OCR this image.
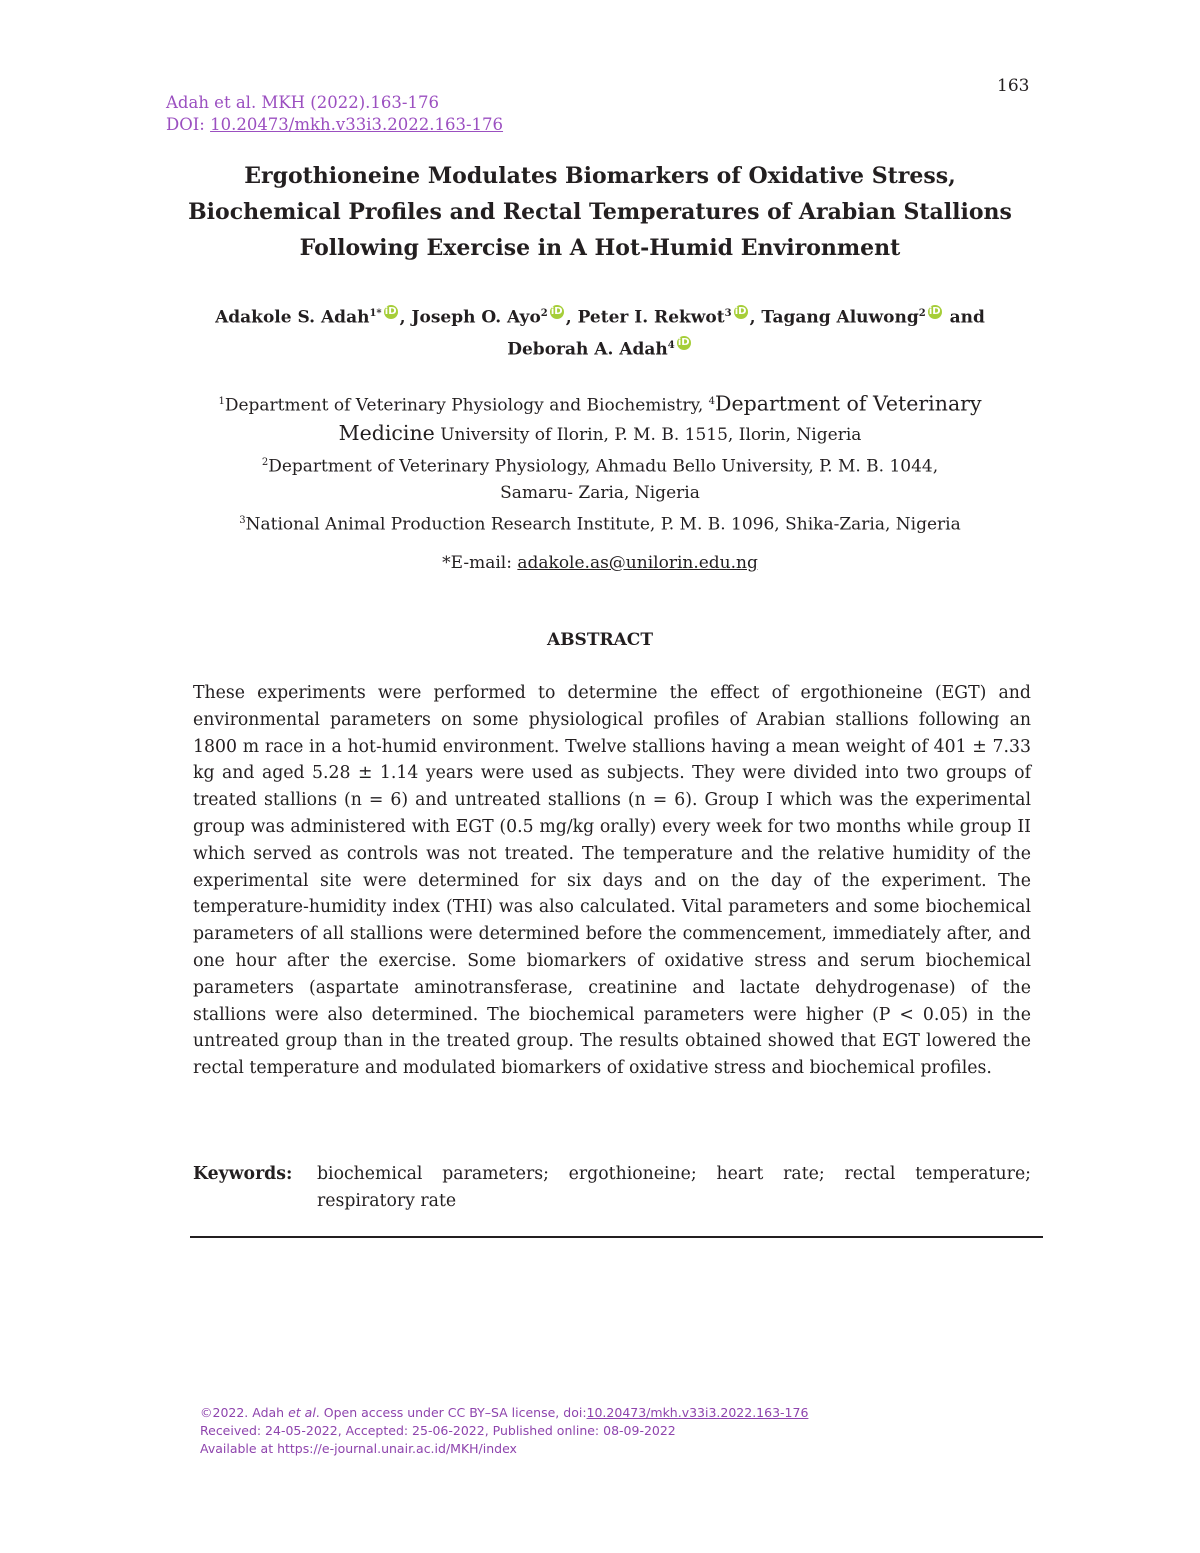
Adah et al. MKH (2022).163-176
DOI: 10.20473/mkh.v33i3.2022.163-176
163
Ergothioneine Modulates Biomarkers of Oxidative Stress,
Biochemical Profiles and Rectal Temperatures of Arabian Stallions
Following Exercise in A Hot-Humid Environment
Adakole S. Adah$^{1*}$ iD , Joseph O. Ayo$^2$ iD , Peter I. Rekwot$^3$ iD , Tagang Aluwong$^2$ iD and
Deborah A. Adah$^4$ iD
$^1$Department of Veterinary Physiology and Biochemistry, $^4$Department of Veterinary
Medicine University of Ilorin, P. M. B. 1515, Ilorin, Nigeria
$^2$Department of Veterinary Physiology, Ahmadu Bello University, P. M. B. 1044,
Samaru- Zaria, Nigeria
$^3$National Animal Production Research Institute, P. M. B. 1096, Shika-Zaria, Nigeria
*E-mail: adakole.as@unilorin.edu.ng
ABSTRACT
These experiments were performed to determine the effect of ergothioneine (EGT) and environmental parameters on some physiological profiles of Arabian stallions following an 1800 m race in a hot-humid environment. Twelve stallions having a mean weight of 401 ± 7.33 kg and aged 5.28 ± 1.14 years were used as subjects. They were divided into two groups of treated stallions (n = 6) and untreated stallions (n = 6). Group I which was the experimental group was administered with EGT (0.5 mg/kg orally) every week for two months while group II which served as controls was not treated. The temperature and the relative humidity of the experimental site were determined for six days and on the day of the experiment. The temperature-humidity index (THI) was also calculated. Vital parameters and some biochemical parameters of all stallions were determined before the commencement, immediately after, and one hour after the exercise. Some biomarkers of oxidative stress and serum biochemical parameters (aspartate aminotransferase, creatinine and lactate dehydrogenase) of the stallions were also determined. The biochemical parameters were higher (P < 0.05) in the untreated group than in the treated group. The results obtained showed that EGT lowered the rectal temperature and modulated biomarkers of oxidative stress and biochemical profiles.
Keywords: biochemical parameters; ergothioneine; heart rate; rectal temperature; respiratory rate
©2022. Adah et al. Open access under CC BY–SA license, doi:10.20473/mkh.v33i3.2022.163-176
Received: 24-05-2022, Accepted: 25-06-2022, Published online: 08-09-2022
Available at https://e-journal.unair.ac.id/MKH/index
